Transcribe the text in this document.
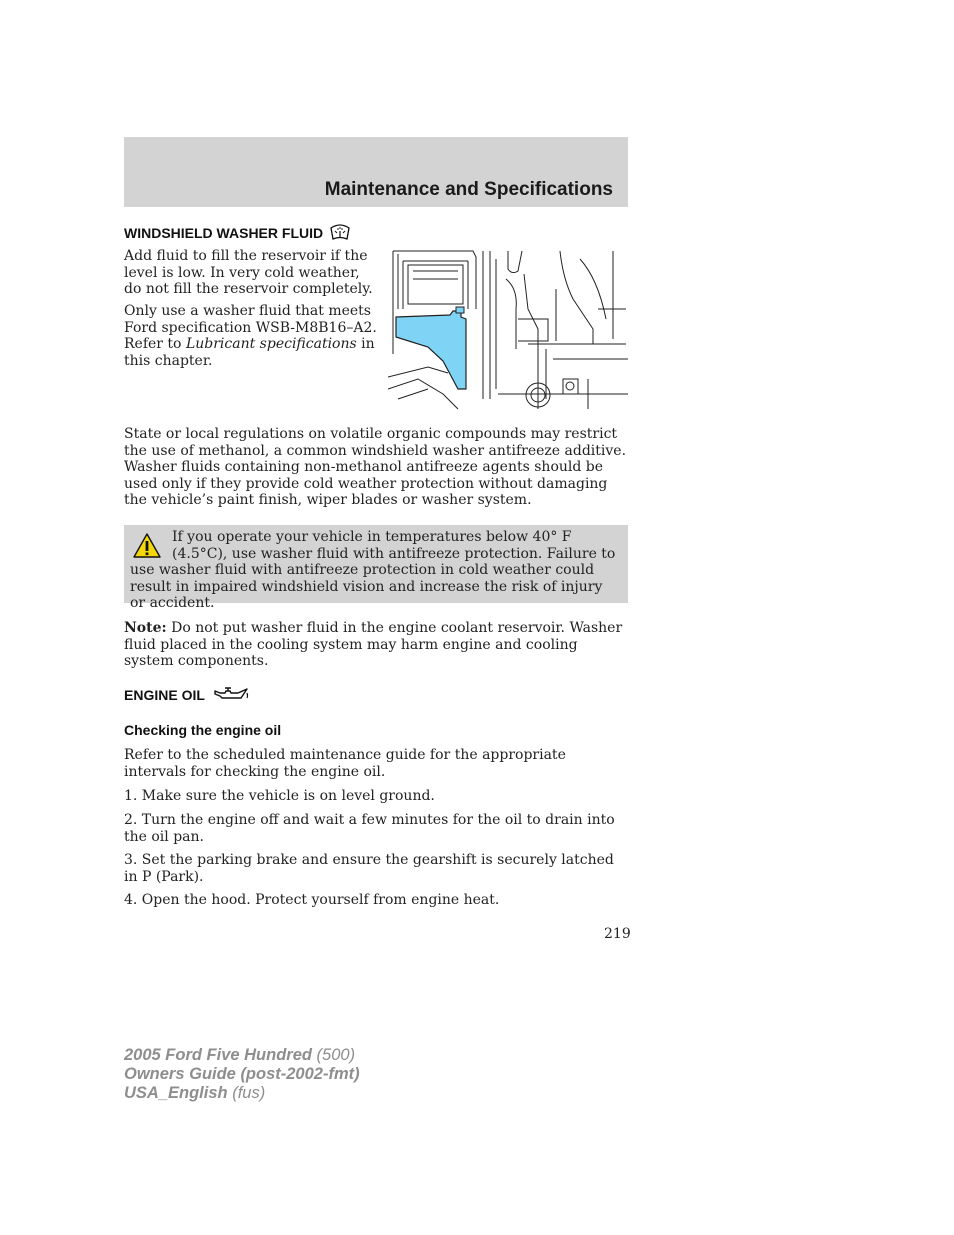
Maintenance and Specifications
WINDSHIELD WASHER FLUID

Add fluid to fill the reservoir if the level is low. In very cold weather, do not fill the reservoir completely.

Only use a washer fluid that meets Ford specification WSB-M8B16–A2. Refer to Lubricant specifications in this chapter.

State or local regulations on volatile organic compounds may restrict the use of methanol, a common windshield washer antifreeze additive. Washer fluids containing non-methanol antifreeze agents should be used only if they provide cold weather protection without damaging the vehicle’s paint finish, wiper blades or washer system.

If you operate your vehicle in temperatures below 40° F (4.5°C), use washer fluid with antifreeze protection. Failure to use washer fluid with antifreeze protection in cold weather could result in impaired windshield vision and increase the risk of injury or accident.

Note: Do not put washer fluid in the engine coolant reservoir. Washer fluid placed in the cooling system may harm engine and cooling system components.

ENGINE OIL
Checking the engine oil

Refer to the scheduled maintenance guide for the appropriate intervals for checking the engine oil.

1. Make sure the vehicle is on level ground.

2. Turn the engine off and wait a few minutes for the oil to drain into the oil pan.

3. Set the parking brake and ensure the gearshift is securely latched in P (Park).

4. Open the hood. Protect yourself from engine heat.

219
2005 Ford Five Hundred (500)
Owners Guide (post-2002-fmt)
USA_English (fus)
